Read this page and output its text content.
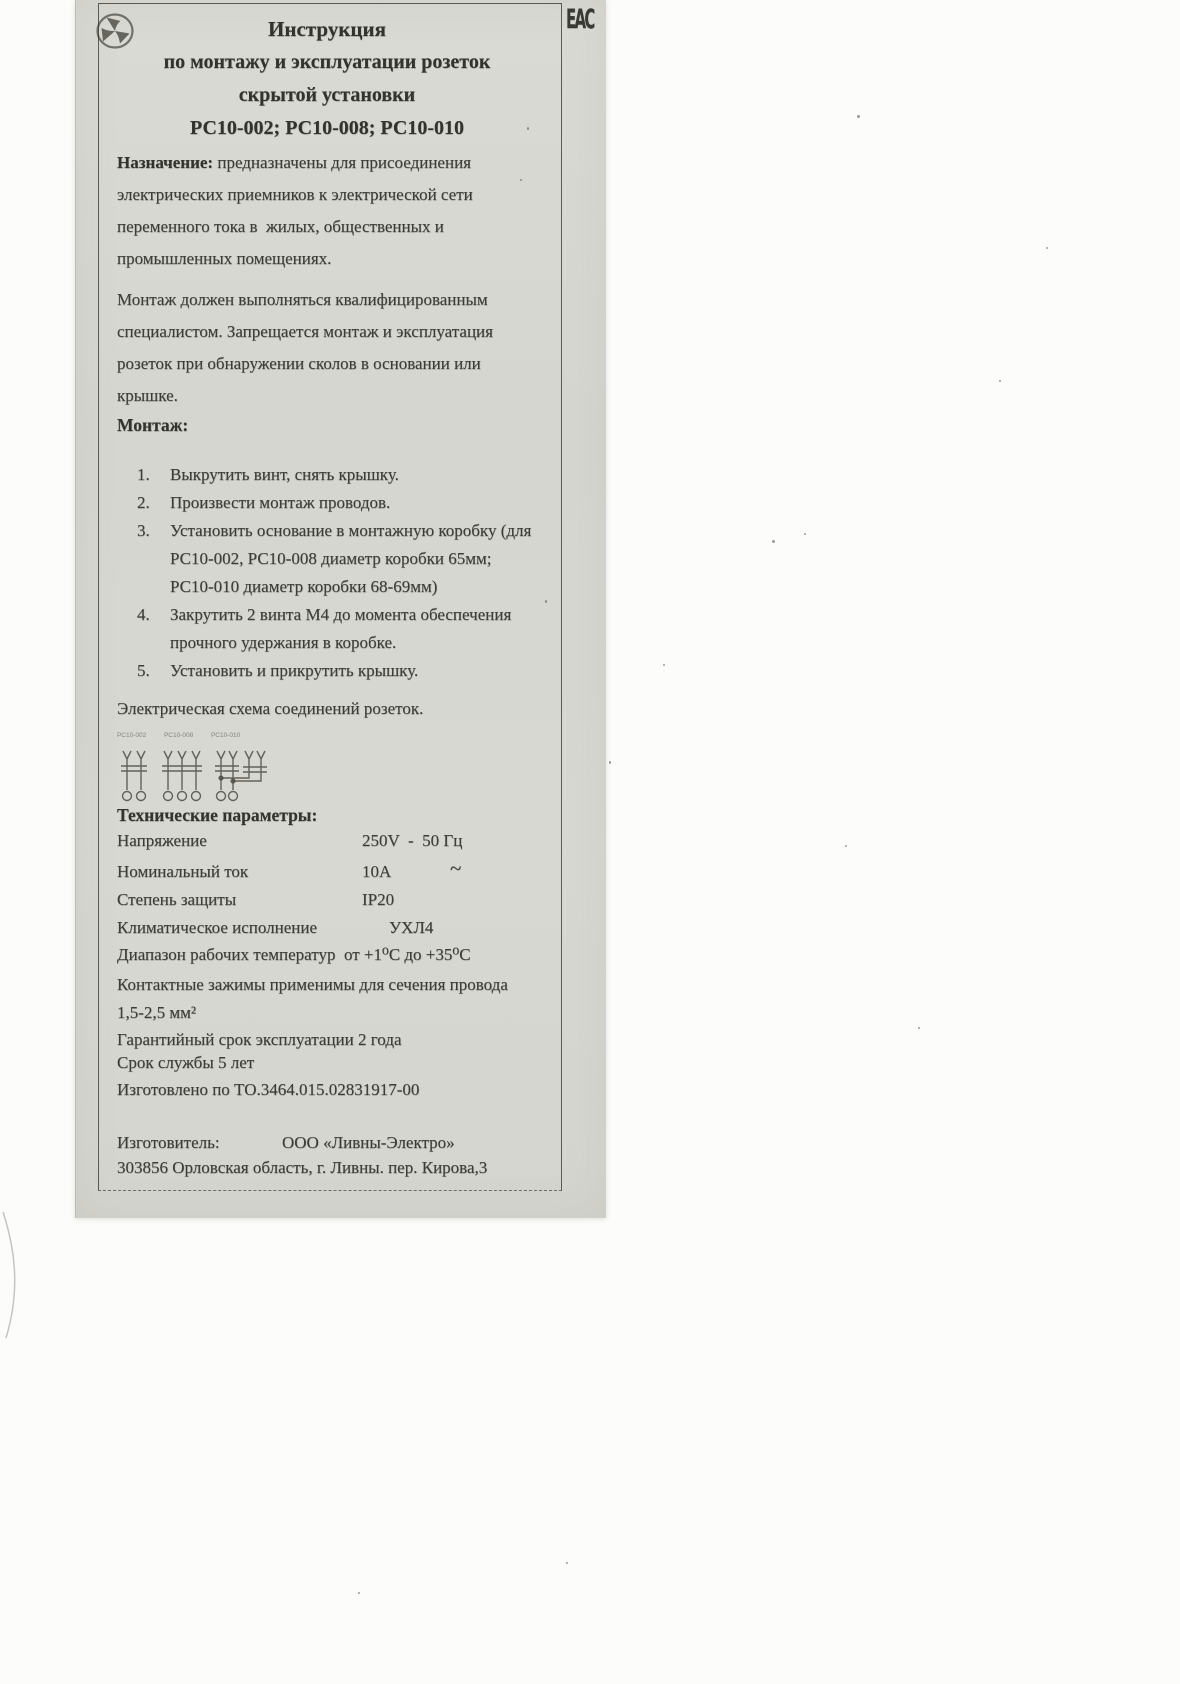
ЕАС
Инструкция
по монтажу и эксплуатации розеток
скрытой установки
РС10-002; РС10-008; РС10-010
Назначение: предназначены для присоединения электрических приемников к электрической сети переменного тока в  жилых, общественных и промышленных помещениях.
Монтаж должен выполняться квалифицированным специалистом. Запрещается монтаж и эксплуатация розеток при обнаружении сколов в основании или крышке.
Монтаж:
1. Выкрутить винт, снять крышку.
2. Произвести монтаж проводов.
3. Установить основание в монтажную коробку (для РС10-002, РС10-008 диаметр коробки 65мм; РС10-010 диаметр коробки 68-69мм)
4. Закрутить 2 винта М4 до момента обеспечения прочного удержания в коробке.
5. Установить и прикрутить крышку.
Электрическая схема соединений розеток.
РС10-002	РС10-008	РС10-010
Технические параметры:
Напряжение	250V  -  50 Гц
Номинальный ток	10А	~
Степень защиты	IP20
Климатическое исполнение	УХЛ4
Диапазон рабочих температур  от +1⁰С до +35⁰С
Контактные зажимы применимы для сечения провода 1,5-2,5 мм²
Гарантийный срок эксплуатации 2 года
Срок службы 5 лет
Изготовлено по ТО.3464.015.02831917-00
Изготовитель:	ООО «Ливны-Электро»
303856 Орловская область, г. Ливны. пер. Кирова,3
